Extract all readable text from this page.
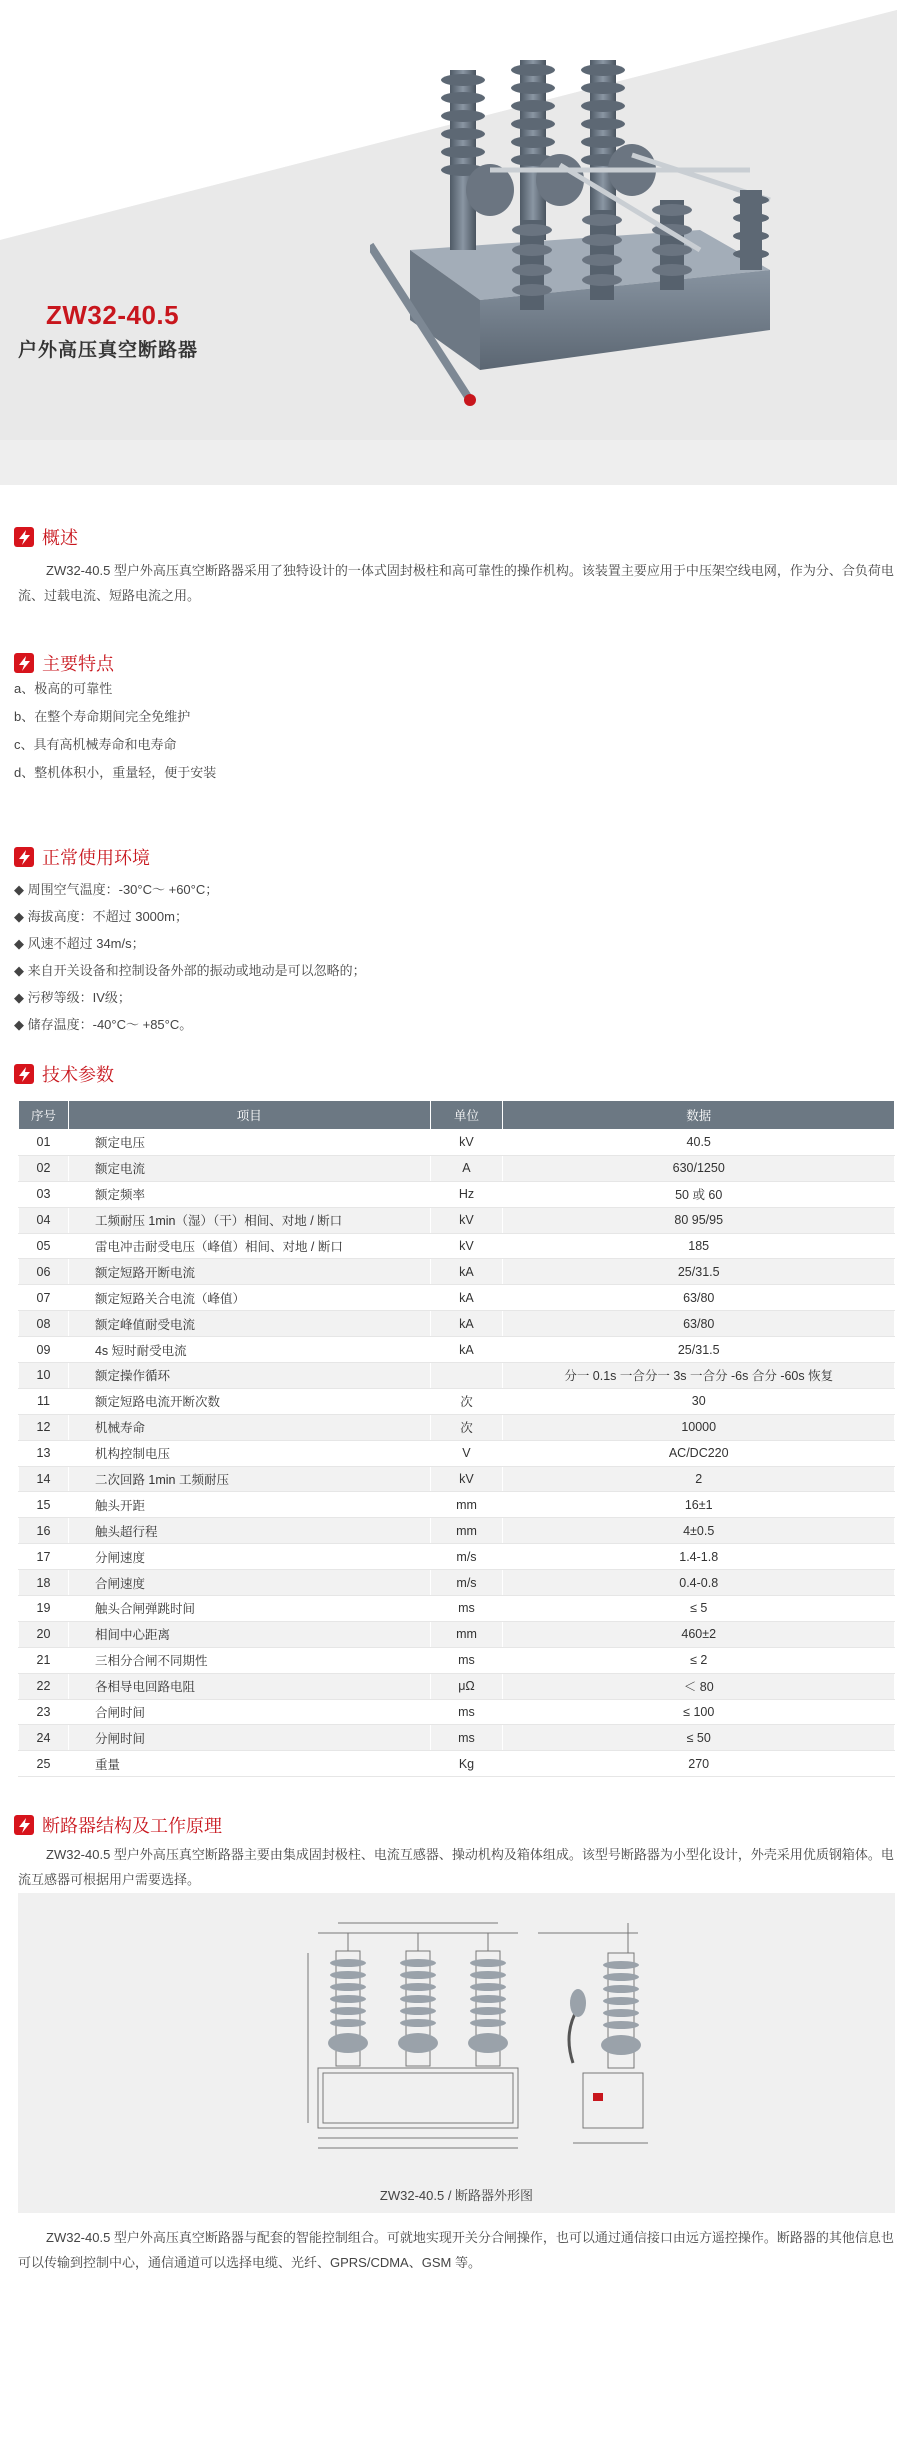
ZW32-40.5
户外高压真空断路器
概述

ZW32-40.5 型户外高压真空断路器采用了独特设计的一体式固封极柱和高可靠性的操作机构。该装置主要应用于中压架空线电网，作为分、合负荷电流、过载电流、短路电流之用。

主要特点
a、极高的可靠性
b、在整个寿命期间完全免维护
c、具有高机械寿命和电寿命
d、整机体积小，重量轻，便于安装
正常使用环境
◆ 周围空气温度：-30°C～ +60°C；
◆ 海拔高度：不超过 3000m；
◆ 风速不超过 34m/s；
◆ 来自开关设备和控制设备外部的振动或地动是可以忽略的；
◆ 污秽等级：IV级；
◆ 储存温度：-40°C～ +85°C。
技术参数
序号	项目	单位	数据
01	额定电压	kV	40.5
02	额定电流	A	630/1250
03	额定频率	Hz	50 或 60
04	工频耐压 1min（湿）（干）相间、对地 / 断口	kV	80 95/95
05	雷电冲击耐受电压（峰值）相间、对地 / 断口	kV	185
06	额定短路开断电流	kA	25/31.5
07	额定短路关合电流（峰值）	kA	63/80
08	额定峰值耐受电流	kA	63/80
09	4s 短时耐受电流	kA	25/31.5
10	额定操作循环		分一 0.1s 一合分一 3s 一合分 -6s 合分 -60s 恢复
11	额定短路电流开断次数	次	30
12	机械寿命	次	10000
13	机构控制电压	V	AC/DC220
14	二次回路 1min 工频耐压	kV	2
15	触头开距	mm	16±1
16	触头超行程	mm	4±0.5
17	分闸速度	m/s	1.4-1.8
18	合闸速度	m/s	0.4-0.8
19	触头合闸弹跳时间	ms	≤ 5
20	相间中心距离	mm	460±2
21	三相分合闸不同期性	ms	≤ 2
22	各相导电回路电阻	μΩ	＜ 80
23	合闸时间	ms	≤ 100
24	分闸时间	ms	≤ 50
25	重量	Kg	270
断路器结构及工作原理

ZW32-40.5 型户外高压真空断路器主要由集成固封极柱、电流互感器、操动机构及箱体组成。该型号断路器为小型化设计，外壳采用优质钢箱体。电流互感器可根据用户需要选择。

ZW32-40.5 / 断路器外形图

ZW32-40.5 型户外高压真空断路器与配套的智能控制组合。可就地实现开关分合闸操作，也可以通过通信接口由远方遥控操作。断路器的其他信息也可以传输到控制中心，通信通道可以选择电缆、光纤、GPRS/CDMA、GSM 等。
